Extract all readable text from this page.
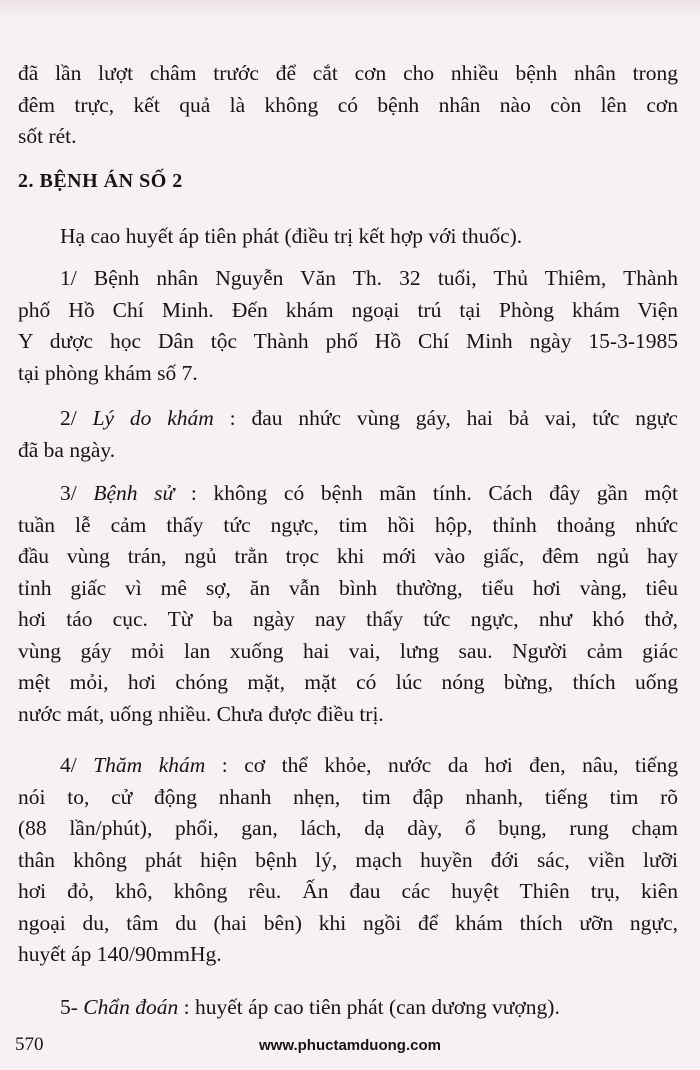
đã lần lượt châm trước để cắt cơn cho nhiều bệnh nhân trong
đêm trực, kết quả là không có bệnh nhân nào còn lên cơn
sốt rét.
2. BỆNH ÁN SỐ 2
Hạ cao huyết áp tiên phát (điều trị kết hợp với thuốc).
1/ Bệnh nhân Nguyễn Văn Th. 32 tuổi, Thủ Thiêm, Thành
phố Hồ Chí Minh. Đến khám ngoại trú tại Phòng khám Viện
Y dược học Dân tộc Thành phố Hồ Chí Minh ngày 15-3-1985
tại phòng khám số 7.
2/ Lý do khám : đau nhức vùng gáy, hai bả vai, tức ngực
đã ba ngày.
3/ Bệnh sử : không có bệnh mãn tính. Cách đây gần một
tuần lễ cảm thấy tức ngực, tim hồi hộp, thỉnh thoảng nhức
đầu vùng trán, ngủ trằn trọc khi mới vào giấc, đêm ngủ hay
tỉnh giấc vì mê sợ, ăn vẫn bình thường, tiểu hơi vàng, tiêu
hơi táo cục. Từ ba ngày nay thấy tức ngực, như khó thở,
vùng gáy mỏi lan xuống hai vai, lưng sau. Người cảm giác
mệt mỏi, hơi chóng mặt, mặt có lúc nóng bừng, thích uống
nước mát, uống nhiều. Chưa được điều trị.
4/ Thăm khám : cơ thể khỏe, nước da hơi đen, nâu, tiếng
nói to, cử động nhanh nhẹn, tim đập nhanh, tiếng tim rõ
(88 lần/phút), phổi, gan, lách, dạ dày, ổ bụng, rung chạm
thân không phát hiện bệnh lý, mạch huyền đới sác, viền lưỡi
hơi đỏ, khô, không rêu. Ấn đau các huyệt Thiên trụ, kiên
ngoại du, tâm du (hai bên) khi ngồi để khám thích ưỡn ngực,
huyết áp 140/90mmHg.
5- Chẩn đoán : huyết áp cao tiên phát (can dương vượng).
570	www.phuctamduong.com
